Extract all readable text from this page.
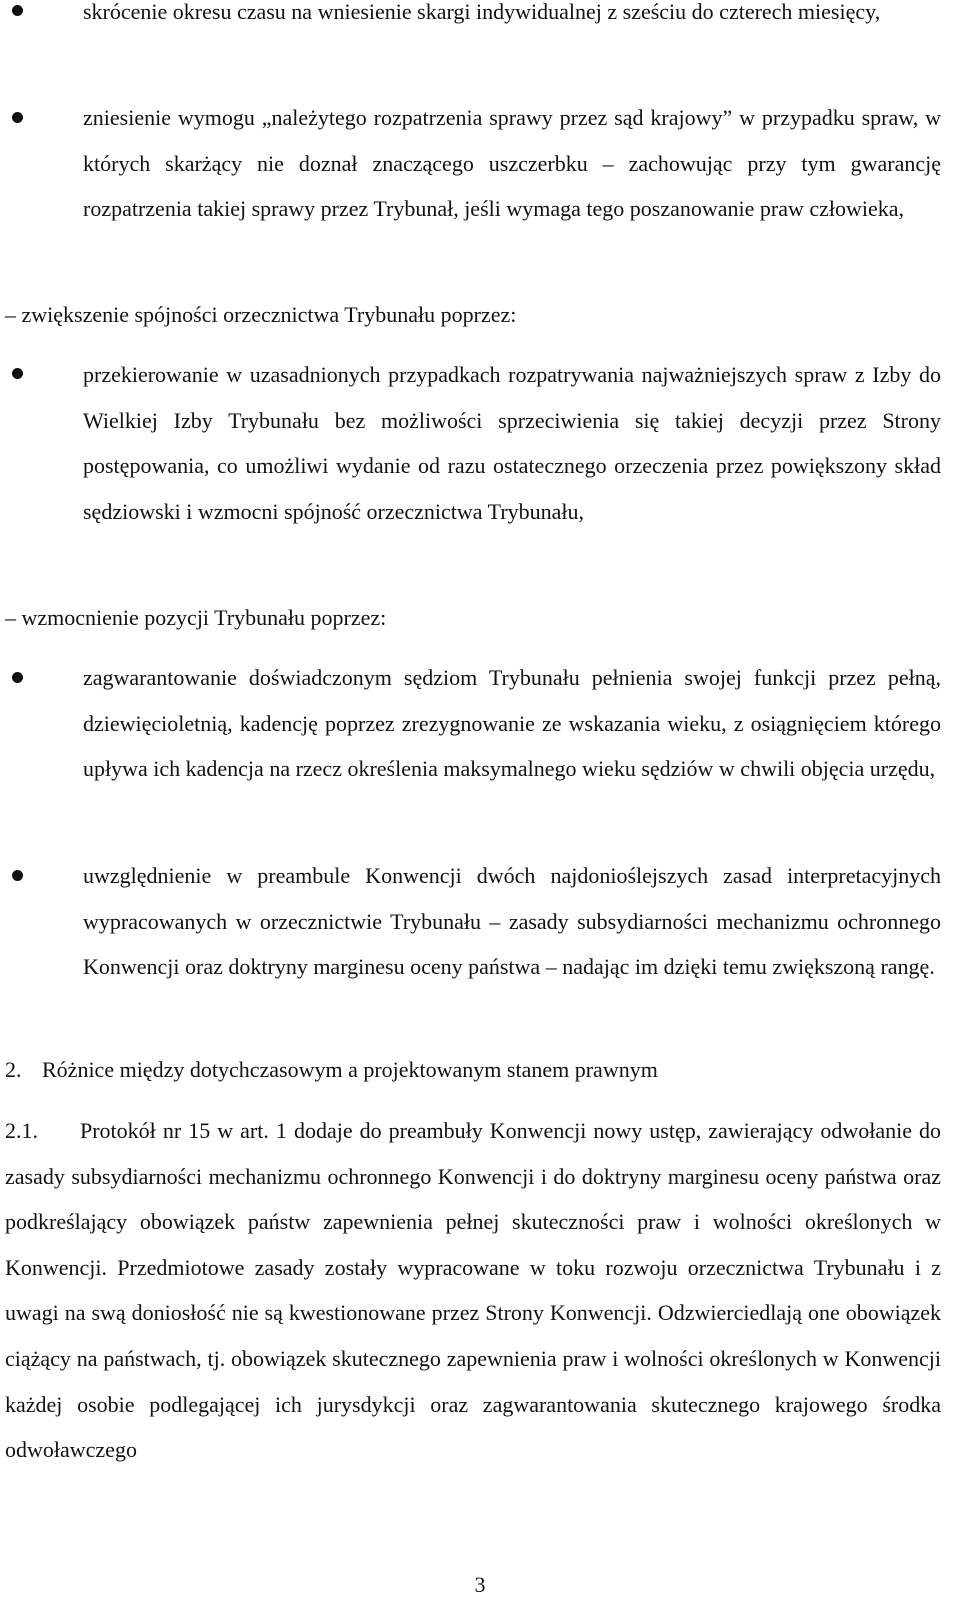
skrócenie okresu czasu na wniesienie skargi indywidualnej z sześciu do czterech miesięcy,

zniesienie wymogu „należytego rozpatrzenia sprawy przez sąd krajowy” w przypadku spraw, w których skarżący nie doznał znaczącego uszczerbku – zachowując przy tym gwarancję rozpatrzenia takiej sprawy przez Trybunał, jeśli wymaga tego poszanowanie praw człowieka,

– zwiększenie spójności orzecznictwa Trybunału poprzez:

przekierowanie w uzasadnionych przypadkach rozpatrywania najważniejszych spraw z Izby do Wielkiej Izby Trybunału bez możliwości sprzeciwienia się takiej decyzji przez Strony postępowania, co umożliwi wydanie od razu ostatecznego orzeczenia przez powiększony skład sędziowski i wzmocni spójność orzecznictwa Trybunału,

– wzmocnienie pozycji Trybunału poprzez:

zagwarantowanie doświadczonym sędziom Trybunału pełnienia swojej funkcji przez pełną, dziewięcioletnią, kadencję poprzez zrezygnowanie ze wskazania wieku, z osiągnięciem którego upływa ich kadencja na rzecz określenia maksymalnego wieku sędziów w chwili objęcia urzędu,

uwzględnienie w preambule Konwencji dwóch najdonioślejszych zasad interpretacyjnych wypracowanych w orzecznictwie Trybunału – zasady subsydiarności mechanizmu ochronnego Konwencji oraz doktryny marginesu oceny państwa – nadając im dzięki temu zwiększoną rangę.

2. Różnice między dotychczasowym a projektowanym stanem prawnym

2.1. Protokół nr 15 w art. 1 dodaje do preambuły Konwencji nowy ustęp, zawierający odwołanie do zasady subsydiarności mechanizmu ochronnego Konwencji i do doktryny marginesu oceny państwa oraz podkreślający obowiązek państw zapewnienia pełnej skuteczności praw i wolności określonych w Konwencji. Przedmiotowe zasady zostały wypracowane w toku rozwoju orzecznictwa Trybunału i z uwagi na swą doniosłość nie są kwestionowane przez Strony Konwencji. Odzwierciedlają one obowiązek ciążący na państwach, tj. obowiązek skutecznego zapewnienia praw i wolności określonych w Konwencji każdej osobie podlegającej ich jurysdykcji oraz zagwarantowania skutecznego krajowego środka odwoławczego

3
